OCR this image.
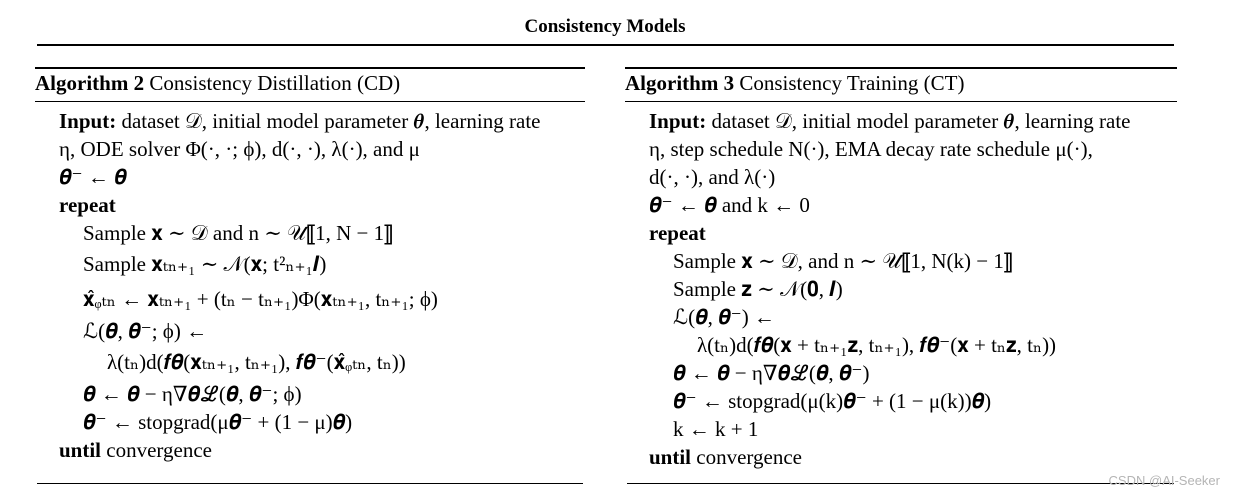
Consistency Models
Algorithm 2 Consistency Distillation (CD)
Input: dataset 𝒟, initial model parameter 𝜽, learning rate
η, ODE solver Φ(·, ·; ϕ), d(·, ·), λ(·), and μ
𝜽⁻ ← 𝜽
repeat
Sample 𝐱 ∼ 𝒟 and n ∼ 𝒰⟦1, N − 1⟧
Sample 𝐱ₜₙ₊₁ ∼ 𝒩(𝐱; t²ₙ₊₁𝑰)
𝐱̂ᵩₜₙ ← 𝐱ₜₙ₊₁ + (tₙ − tₙ₊₁)Φ(𝐱ₜₙ₊₁, tₙ₊₁; ϕ)
ℒ(𝜽, 𝜽⁻; ϕ) ←
λ(tₙ)d(𝒇𝜽(𝐱ₜₙ₊₁, tₙ₊₁), 𝒇𝜽⁻(𝐱̂ᵩₜₙ, tₙ))
𝜽 ← 𝜽 − η∇𝜽ℒ(𝜽, 𝜽⁻; ϕ)
𝜽⁻ ← stopgrad(μ𝜽⁻ + (1 − μ)𝜽)
until convergence
Algorithm 3 Consistency Training (CT)
Input: dataset 𝒟, initial model parameter 𝜽, learning rate
η, step schedule N(·), EMA decay rate schedule μ(·),
d(·, ·), and λ(·)
𝜽⁻ ← 𝜽 and k ← 0
repeat
Sample 𝐱 ∼ 𝒟, and n ∼ 𝒰⟦1, N(k) − 1⟧
Sample 𝐳 ∼ 𝒩(𝟎, 𝑰)
ℒ(𝜽, 𝜽⁻) ←
λ(tₙ)d(𝒇𝜽(𝐱 + tₙ₊₁𝐳, tₙ₊₁), 𝒇𝜽⁻(𝐱 + tₙ𝐳, tₙ))
𝜽 ← 𝜽 − η∇𝜽ℒ(𝜽, 𝜽⁻)
𝜽⁻ ← stopgrad(μ(k)𝜽⁻ + (1 − μ(k))𝜽)
k ← k + 1
until convergence
CSDN @AI-Seeker
